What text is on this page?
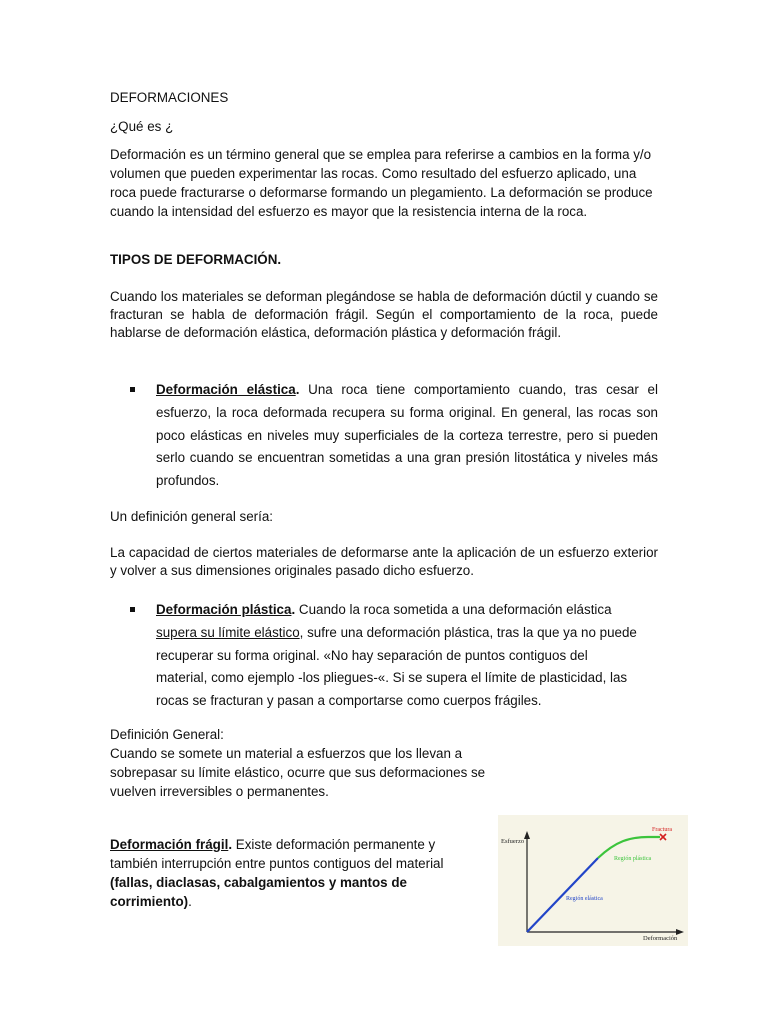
DEFORMACIONES

¿Qué es ¿

Deformación es un término general que se emplea para referirse a cambios en la forma y/o volumen que pueden experimentar las rocas. Como resultado del esfuerzo aplicado, una roca puede fracturarse o deformarse formando un plegamiento. La deformación se produce cuando la intensidad del esfuerzo es mayor que la resistencia interna de la roca.

TIPOS DE DEFORMACIÓN.

Cuando los materiales se deforman plegándose se habla de deformación dúctil y cuando se fracturan se habla de deformación frágil. Según el comportamiento de la roca, puede hablarse de deformación elástica, deformación plástica y deformación frágil.

Deformación elástica. Una roca tiene comportamiento cuando, tras cesar el esfuerzo, la roca deformada recupera su forma original. En general, las rocas son poco elásticas en niveles muy superficiales de la corteza terrestre, pero si pueden serlo cuando se encuentran sometidas a una gran presión litostática y niveles más profundos.

Un definición general sería:

La capacidad de ciertos materiales de deformarse ante la aplicación de un esfuerzo exterior y volver a sus dimensiones originales pasado dicho esfuerzo.

Deformación plástica. Cuando la roca sometida a una deformación elástica supera su límite elástico, sufre una deformación plástica, tras la que ya no puede recuperar su forma original. «No hay separación de puntos contiguos del material, como ejemplo -los pliegues-«. Si se supera el límite de plasticidad, las rocas se fracturan y pasan a comportarse como cuerpos frágiles.

Definición General:

Cuando se somete un material a esfuerzos que los llevan a sobrepasar su límite elástico, ocurre que sus deformaciones se vuelven irreversibles o permanentes.

Deformación frágil. Existe deformación permanente y también interrupción entre puntos contiguos del material (fallas, diaclasas, cabalgamientos y mantos de corrimiento).

Esfuerzo
Deformación
Región elástica
Región plástica
Fractura
